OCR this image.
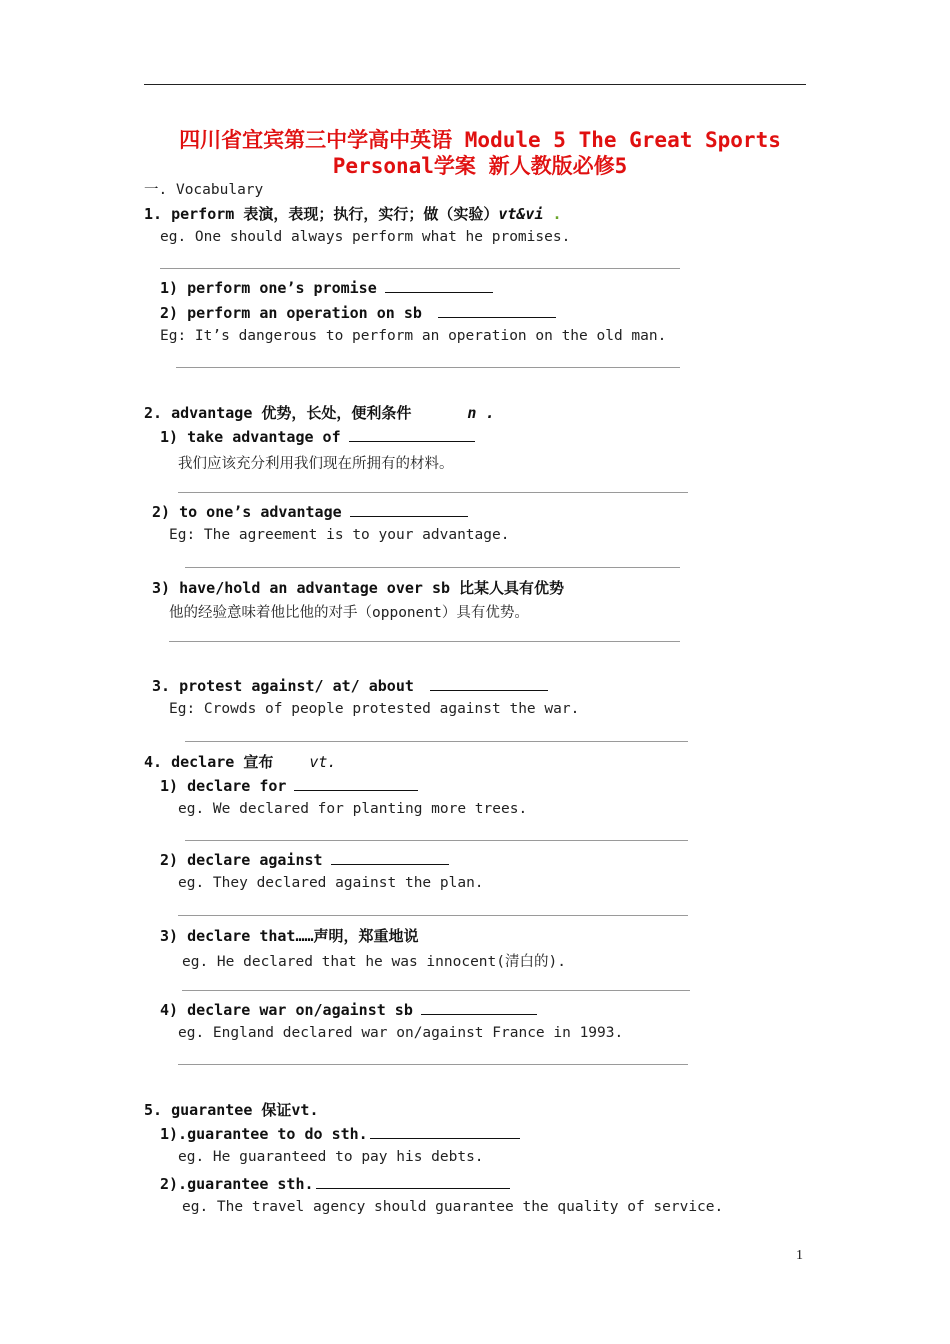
四川省宜宾第三中学高中英语 Module 5 The Great Sports
Personal学案 新人教版必修5
一. Vocabulary
1. perform 表演，表现；执行，实行；做（实验）vt&vi .
eg. One should always perform what he promises.
1) perform one’s promise
2) perform an operation on sb
Eg: It’s dangerous to perform an operation on the old man.
2. advantage 优势，长处，便利条件	n .
1) take advantage of
我们应该充分利用我们现在所拥有的材料。
2) to one’s advantage
Eg: The agreement is to your advantage.
3) have/hold an advantage over sb 比某人具有优势
他的经验意味着他比他的对手（opponent）具有优势。
3. protest against/ at/ about
Eg: Crowds of people protested against the war.
4. declare 宣布 vt.
1) declare for
eg. We declared for planting more trees.
2) declare against
eg. They declared against the plan.
3) declare that……声明，郑重地说
eg. He declared that he was innocent(清白的).
4) declare war on/against sb
eg. England declared war on/against France in 1993.
5. guarantee 保证vt.
1).guarantee to do sth.
eg. He guaranteed to pay his debts.
2).guarantee sth.
eg. The travel agency should guarantee the quality of service.
1
